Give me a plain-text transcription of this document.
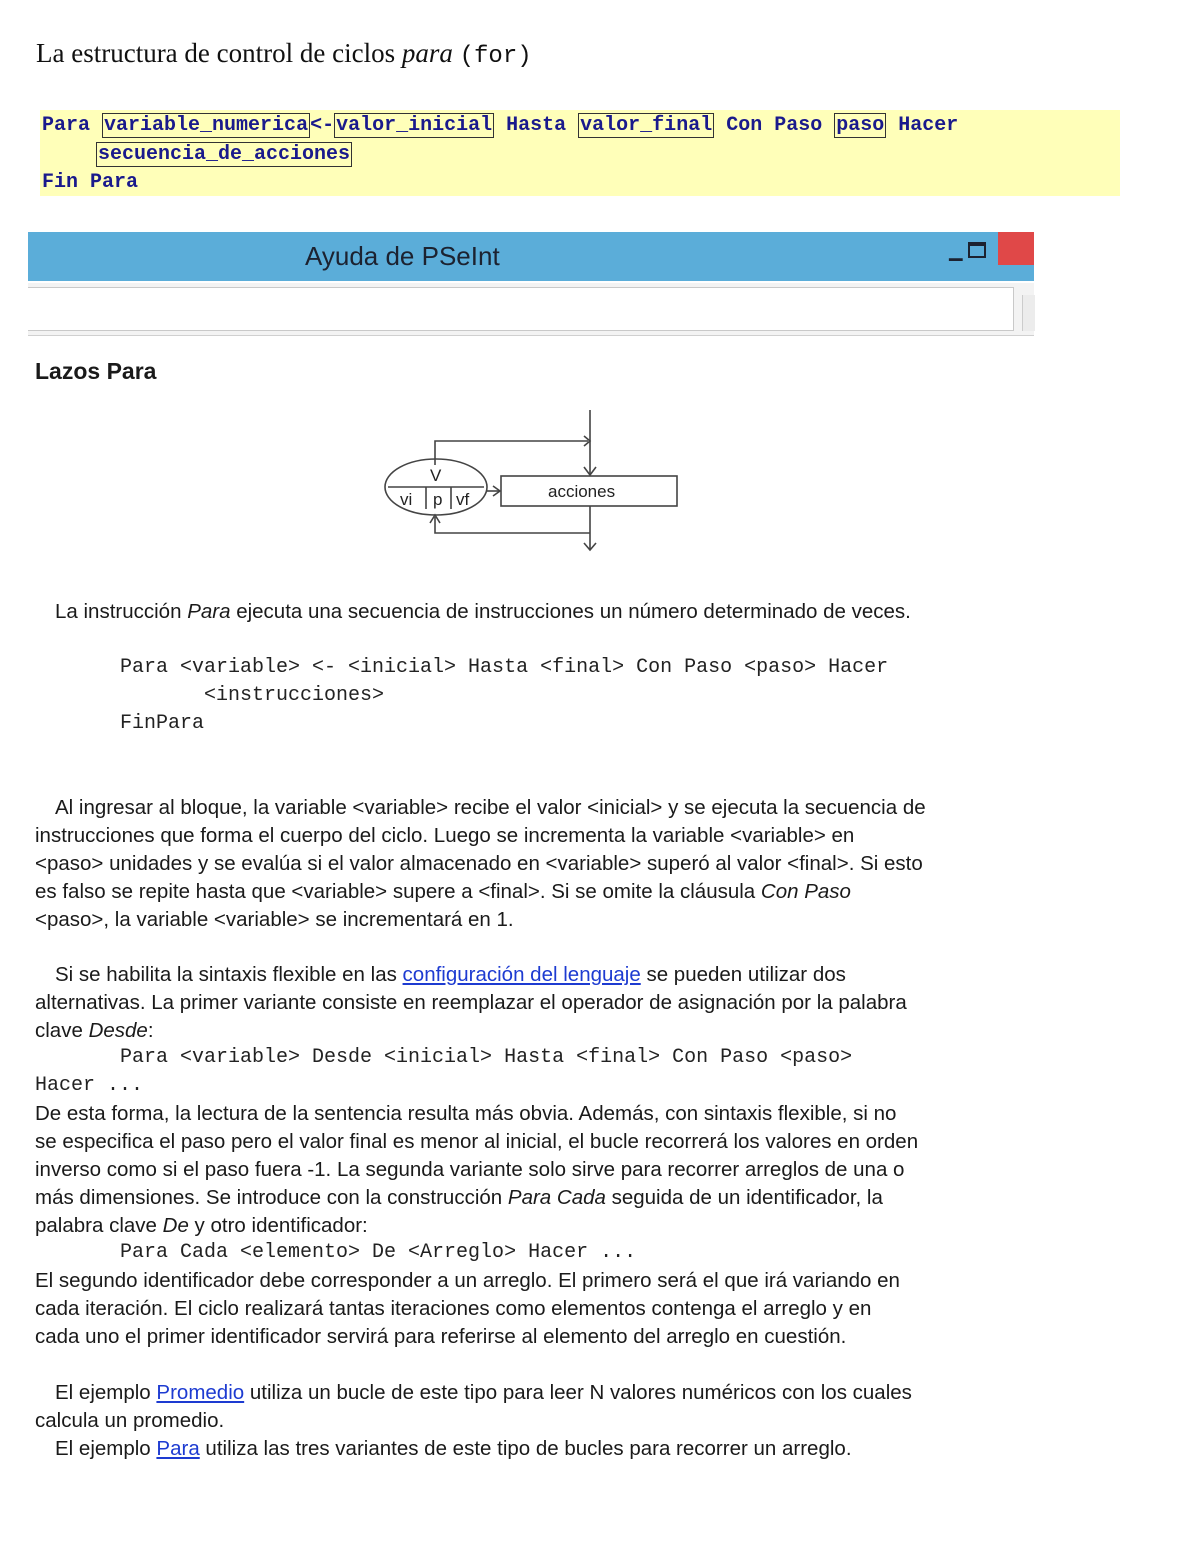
La estructura de control de ciclos para (for)
Para variable_numerica <- valor_inicial Hasta valor_final Con Paso paso Hacer
secuencia_de_acciones
Fin Para
Ayuda de PSeInt	–
Lazos Para
V
vi p vf	acciones
La instrucción Para ejecuta una secuencia de instrucciones un número determinado de veces.
Para <variable> <- <inicial> Hasta <final> Con Paso <paso> Hacer
<instrucciones>
FinPara
Al ingresar al bloque, la variable <variable> recibe el valor <inicial> y se ejecuta la secuencia de
instrucciones que forma el cuerpo del ciclo. Luego se incrementa la variable <variable> en
<paso> unidades y se evalúa si el valor almacenado en <variable> superó al valor <final>. Si esto
es falso se repite hasta que <variable> supere a <final>. Si se omite la cláusula Con Paso
<paso>, la variable <variable> se incrementará en 1.
Si se habilita la sintaxis flexible en las configuración del lenguaje se pueden utilizar dos
alternativas. La primer variante consiste en reemplazar el operador de asignación por la palabra
clave Desde:
Para <variable> Desde <inicial> Hasta <final> Con Paso <paso>
Hacer ...
De esta forma, la lectura de la sentencia resulta más obvia. Además, con sintaxis flexible, si no
se especifica el paso pero el valor final es menor al inicial, el bucle recorrerá los valores en orden
inverso como si el paso fuera -1. La segunda variante solo sirve para recorrer arreglos de una o
más dimensiones. Se introduce con la construcción Para Cada seguida de un identificador, la
palabra clave De y otro identificador:
Para Cada <elemento> De <Arreglo> Hacer ...
El segundo identificador debe corresponder a un arreglo. El primero será el que irá variando en
cada iteración. El ciclo realizará tantas iteraciones como elementos contenga el arreglo y en
cada uno el primer identificador servirá para referirse al elemento del arreglo en cuestión.
El ejemplo Promedio utiliza un bucle de este tipo para leer N valores numéricos con los cuales
calcula un promedio.
El ejemplo Para utiliza las tres variantes de este tipo de bucles para recorrer un arreglo.
